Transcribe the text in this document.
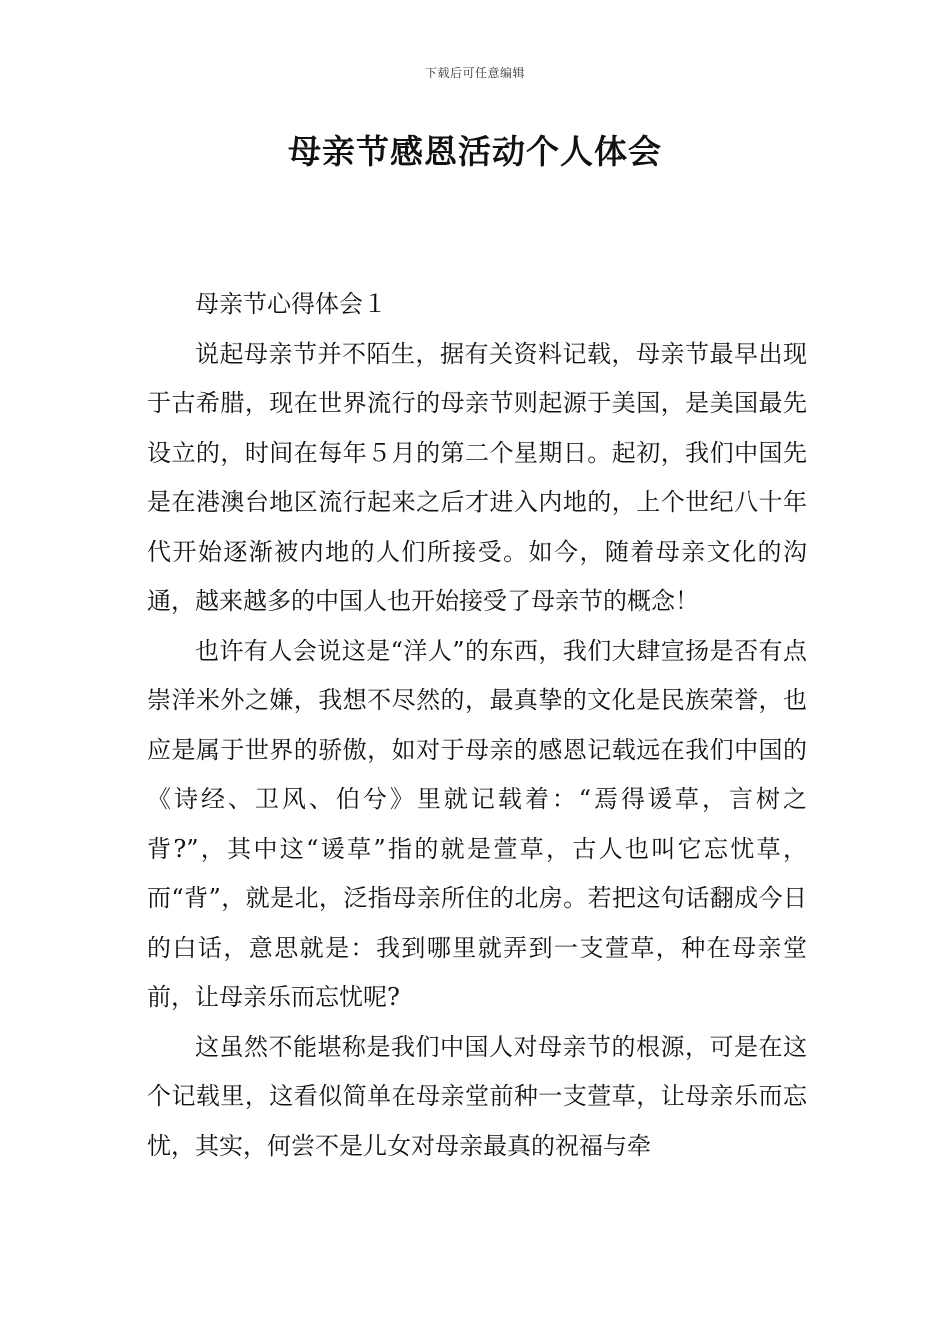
下载后可任意编辑
母亲节感恩活动个人体会

母亲节心得体会１

说起母亲节并不陌生，据有关资料记载，母亲节最早出现于古希腊，现在世界流行的母亲节则起源于美国，是美国最先设立的，时间在每年５月的第二个星期日。起初，我们中国先是在港澳台地区流行起来之后才进入内地的，上个世纪八十年代开始逐渐被内地的人们所接受。如今，随着母亲文化的沟通，越来越多的中国人也开始接受了母亲节的概念！

也许有人会说这是“洋人”的东西，我们大肆宣扬是否有点崇洋米外之嫌，我想不尽然的，最真挚的文化是民族荣誉，也应是属于世界的骄傲，如对于母亲的感恩记载远在我们中国的《诗经、卫风、伯兮》里就记载着：“焉得谖草，言树之背?”，其中这“谖草”指的就是萱草，古人也叫它忘忧草，而“背”，就是北，泛指母亲所住的北房。若把这句话翻成今日的白话，意思就是：我到哪里就弄到一支萱草，种在母亲堂前，让母亲乐而忘忧呢?

这虽然不能堪称是我们中国人对母亲节的根源，可是在这个记载里，这看似简单在母亲堂前种一支萱草，让母亲乐而忘忧，其实，何尝不是儿女对母亲最真的祝福与牵
